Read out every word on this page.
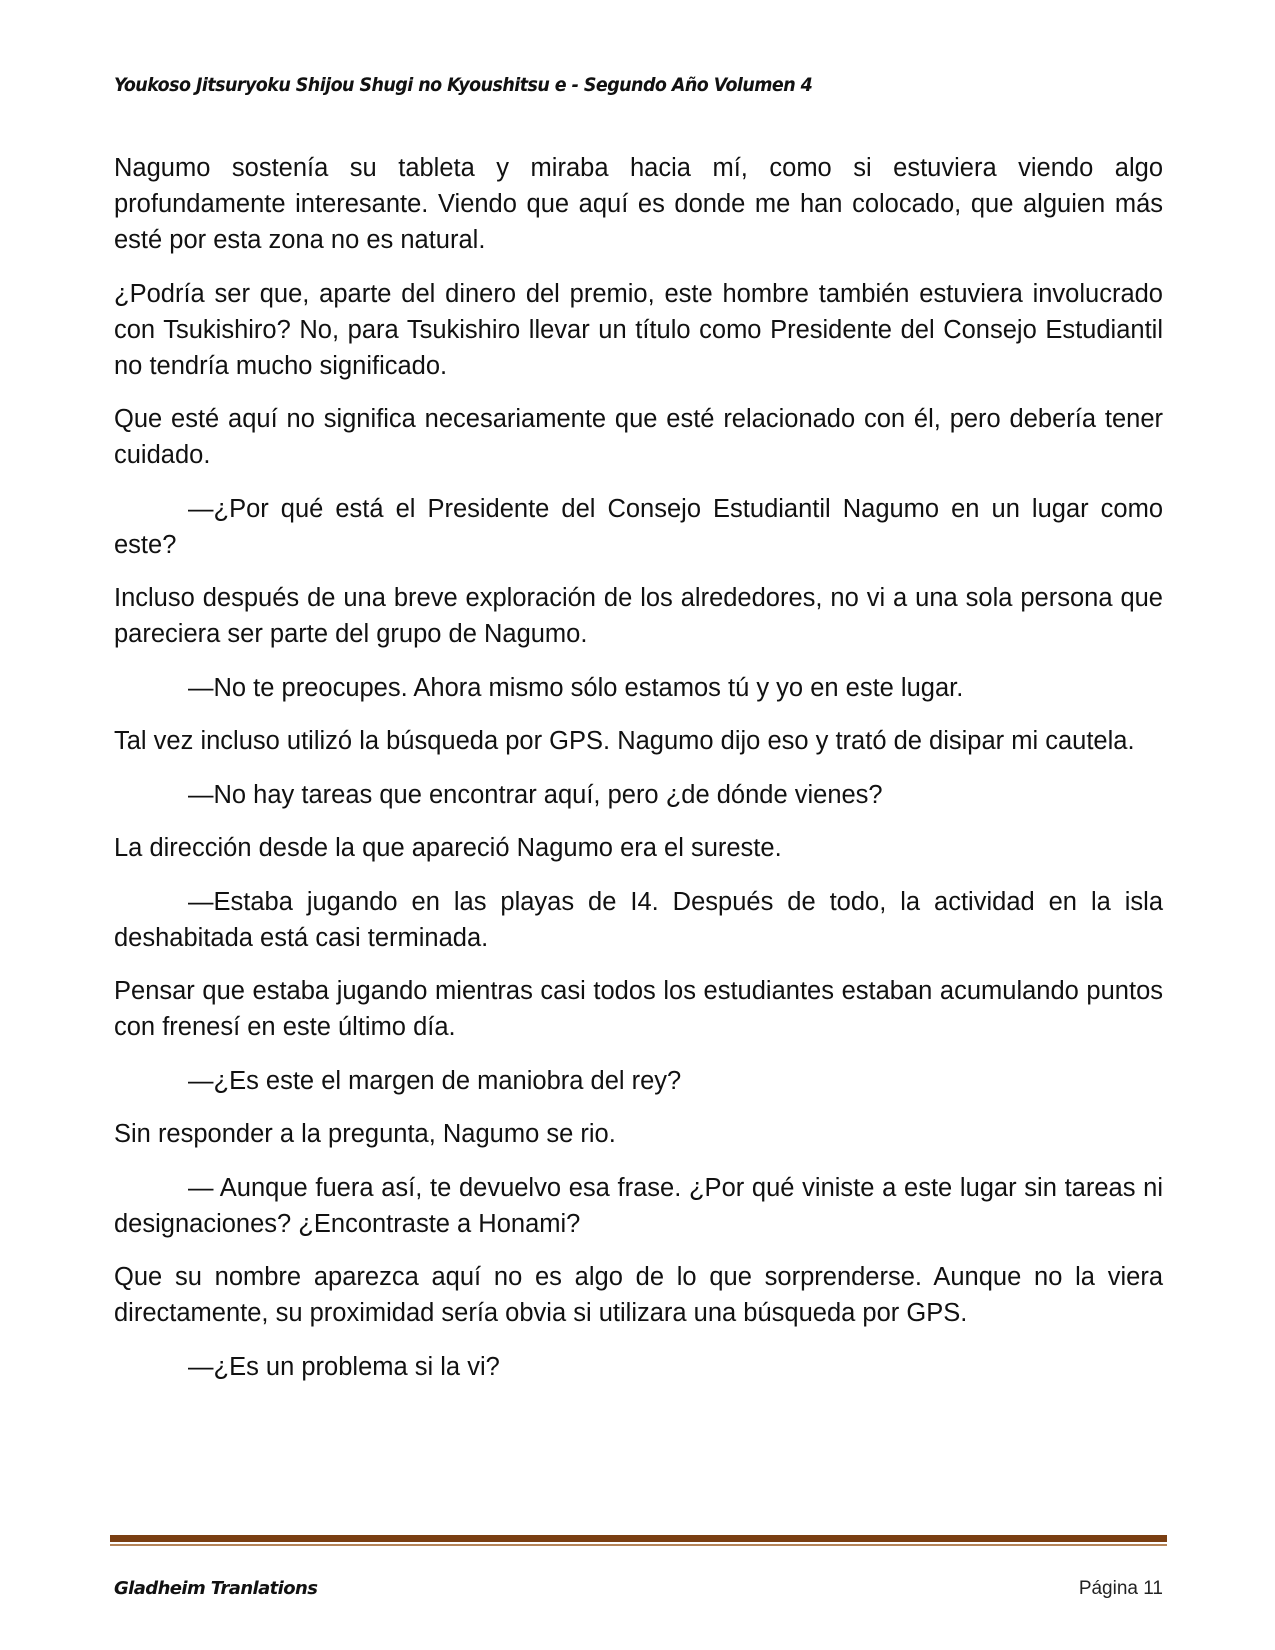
Youkoso Jitsuryoku Shijou Shugi no Kyoushitsu e - Segundo Año Volumen 4

Nagumo sostenía su tableta y miraba hacia mí, como si estuviera viendo algo profundamente interesante. Viendo que aquí es donde me han colocado, que alguien más esté por esta zona no es natural.

¿Podría ser que, aparte del dinero del premio, este hombre también estuviera involucrado con Tsukishiro? No, para Tsukishiro llevar un título como Presidente del Consejo Estudiantil no tendría mucho significado.

Que esté aquí no significa necesariamente que esté relacionado con él, pero debería tener cuidado.

—¿Por qué está el Presidente del Consejo Estudiantil Nagumo en un lugar como este?

Incluso después de una breve exploración de los alrededores, no vi a una sola persona que pareciera ser parte del grupo de Nagumo.

—No te preocupes. Ahora mismo sólo estamos tú y yo en este lugar.

Tal vez incluso utilizó la búsqueda por GPS. Nagumo dijo eso y trató de disipar mi cautela.

—No hay tareas que encontrar aquí, pero ¿de dónde vienes?

La dirección desde la que apareció Nagumo era el sureste.

—Estaba jugando en las playas de I4. Después de todo, la actividad en la isla deshabitada está casi terminada.

Pensar que estaba jugando mientras casi todos los estudiantes estaban acumulando puntos con frenesí en este último día.

—¿Es este el margen de maniobra del rey?

Sin responder a la pregunta, Nagumo se rio.

— Aunque fuera así, te devuelvo esa frase. ¿Por qué viniste a este lugar sin tareas ni designaciones? ¿Encontraste a Honami?

Que su nombre aparezca aquí no es algo de lo que sorprenderse. Aunque no la viera directamente, su proximidad sería obvia si utilizara una búsqueda por GPS.

—¿Es un problema si la vi?

Gladheim Tranlations	Página 11
